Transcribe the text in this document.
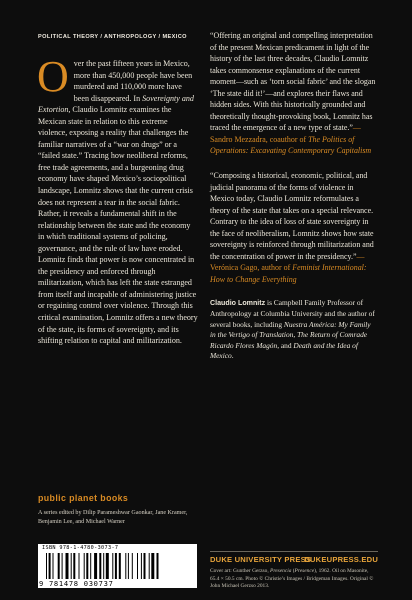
POLITICAL THEORY / ANTHROPOLOGY / MEXICO

Over the past fifteen years in Mexico, more than 450,000 people have been murdered and 110,000 more have been disappeared. In Sovereignty and Extortion, Claudio Lomnitz examines the Mexican state in relation to this extreme violence, exposing a reality that challenges the familiar narratives of a “war on drugs” or a “failed state.” Tracing how neoliberal reforms, free trade agreements, and a burgeoning drug economy have shaped Mexico’s sociopolitical landscape, Lomnitz shows that the current crisis does not represent a tear in the social fabric. Rather, it reveals a fundamental shift in the relationship between the state and the economy in which traditional systems of policing, governance, and the rule of law have eroded. Lomnitz finds that power is now concentrated in the presidency and enforced through militarization, which has left the state estranged from itself and incapable of administering justice or regaining control over violence. Through this critical examination, Lomnitz offers a new theory of the state, its forms of sovereignty, and its shifting relation to capital and militarization.

public planet books
A series edited by Dilip Parameshwar Gaonkar, Jane Kramer, Benjamin Lee, and Michael Warner
“Offering an original and compelling interpretation of the present Mexican predicament in light of the history of the last three decades, Claudio Lomnitz takes commonsense explanations of the current moment—such as ‘torn social fabric’ and the slogan ‘The state did it!’—and explores their flaws and hidden sides. With this historically grounded and theoretically thought-provoking book, Lomnitz has traced the emergence of a new type of state.”—Sandro Mezzadra, coauthor of The Politics of Operations: Excavating Contemporary Capitalism
“Composing a historical, economic, political, and judicial panorama of the forms of violence in Mexico today, Claudio Lomnitz reformulates a theory of the state that takes on a special relevance. Contrary to the idea of loss of state sovereignty in the face of neoliberalism, Lomnitz shows how state sovereignty is reinforced through militarization and the concentration of power in the presidency.”—Verónica Gago, author of Feminist International: How to Change Everything
Claudio Lomnitz is Campbell Family Professor of Anthropology at Columbia University and the author of several books, including Nuestra América: My Family in the Vertigo of Translation, The Return of Comrade Ricardo Flores Magón, and Death and the Idea of Mexico.
ISBN 978-1-4780-3073-7
9 781478 030737
DUKE UNIVERSITY PRESS
DUKEUPRESS.EDU
Cover art: Gunther Gerzso, Presencia (Presence), 1962. Oil on Masonite, 65.4 × 50.5 cm. Photo © Christie’s Images / Bridgeman Images. Original © John Michael Gerzso 2013.
